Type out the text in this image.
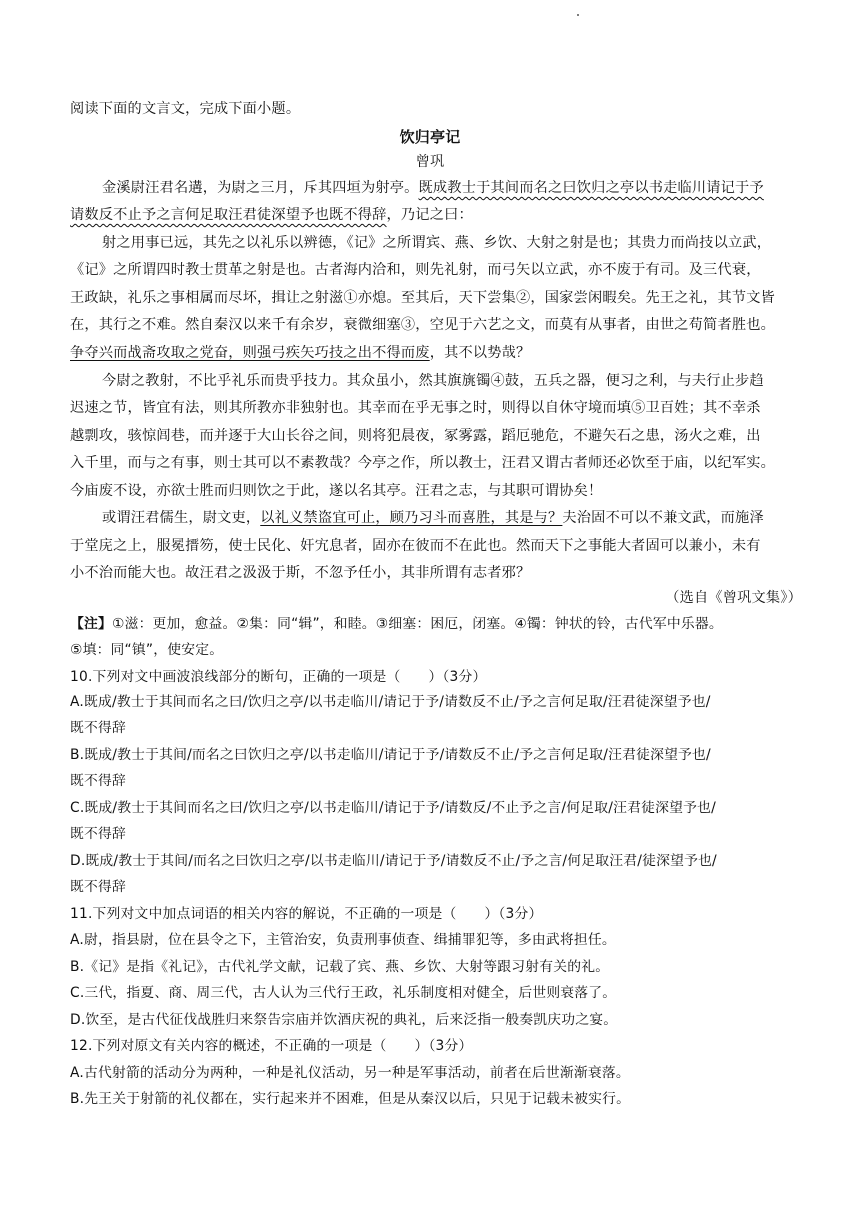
阅读下面的文言文，完成下面小题。
饮归亭记
曾巩
金溪尉汪君名遘，为尉之三月，斥其四垣为射亭。既成教士于其间而名之曰饮归之亭以书走临川请记于予
请数反不止予之言何足取汪君徒深望予也既不得辞，乃记之曰：
射之用事已远，其先之以礼乐以辨德，《记》之所谓宾、燕、乡饮、大射之射是也；其贵力而尚技以立武，
《记》之所谓四时教士贯革之射是也。古者海内洽和，则先礼射，而弓矢以立武，亦不废于有司。及三代衰，
王政缺，礼乐之事相属而尽坏，揖让之射滋①亦熄。至其后，天下尝集②，国家尝闲暇矣。先王之礼，其节文皆
在，其行之不难。然自秦汉以来千有余岁，衰微细塞③，空见于六艺之文，而莫有从事者，由世之苟简者胜也。
争夺兴而战斋攻取之党奋，则强弓疾矢巧技之出不得而废，其不以势哉？
今尉之教射，不比乎礼乐而贵乎技力。其众虽小，然其旗旐镯④鼓，五兵之器，便习之利，与夫行止步趋
迟速之节，皆宜有法，则其所教亦非独射也。其幸而在乎无事之时，则得以自休守境而填⑤卫百姓；其不幸杀
越剽攻，骇惊闾巷，而并逐于大山长谷之间，则将犯晨夜，冢雾露，蹈厄驰危，不避矢石之患，汤火之难，出
入千里，而与之有事，则士其可以不素教哉？今亭之作，所以教士，汪君又谓古者师还必饮至于庙，以纪军实。
今庙废不设，亦欲士胜而归则饮之于此，遂以名其亭。汪君之志，与其职可谓协矣！
或谓汪君儒生，尉文吏，以礼义禁盗宜可止，顾乃习斗而喜胜，其是与？夫治固不可以不兼文武，而施泽
于堂庑之上，服冕搢笏，使士民化、奸宄息者，固亦在彼而不在此也。然而天下之事能大者固可以兼小，未有
小不治而能大也。故汪君之汲汲于斯，不忽予任小，其非所谓有志者邪？
（选自《曾巩文集》）
【注】①滋：更加，愈益。②集：同“辑”，和睦。③细塞：困厄，闭塞。④镯：钟状的铃，古代军中乐器。
⑤填：同“镇”，使安定。
10.下列对文中画波浪线部分的断句，正确的一项是（　　）（3分）
A.既成/教士于其间而名之曰/饮归之亭/以书走临川/请记于予/请数反不止/予之言何足取/汪君徒深望予也/
既不得辞
B.既成/教士于其间/而名之曰饮归之亭/以书走临川/请记于予/请数反不止/予之言何足取/汪君徒深望予也/
既不得辞
C.既成/教士于其间而名之曰/饮归之亭/以书走临川/请记于予/请数反/不止予之言/何足取/汪君徒深望予也/
既不得辞
D.既成/教士于其间/而名之曰饮归之亭/以书走临川/请记于予/请数反不止/予之言/何足取汪君/徒深望予也/
既不得辞
11.下列对文中加点词语的相关内容的解说，不正确的一项是（　　）（3分）
A.尉，指县尉，位在县令之下，主管治安，负责刑事侦查、缉捕罪犯等，多由武将担任。
B.《记》是指《礼记》，古代礼学文献，记载了宾、燕、乡饮、大射等跟习射有关的礼。
C.三代，指夏、商、周三代，古人认为三代行王政，礼乐制度相对健全，后世则衰落了。
D.饮至，是古代征伐战胜归来祭告宗庙并饮酒庆祝的典礼，后来泛指一般奏凯庆功之宴。
12.下列对原文有关内容的概述，不正确的一项是（　　）（3分）
A.古代射箭的活动分为两种，一种是礼仪活动，另一种是军事活动，前者在后世渐渐衰落。
B.先王关于射箭的礼仪都在，实行起来并不困难，但是从秦汉以后，只见于记载未被实行。
